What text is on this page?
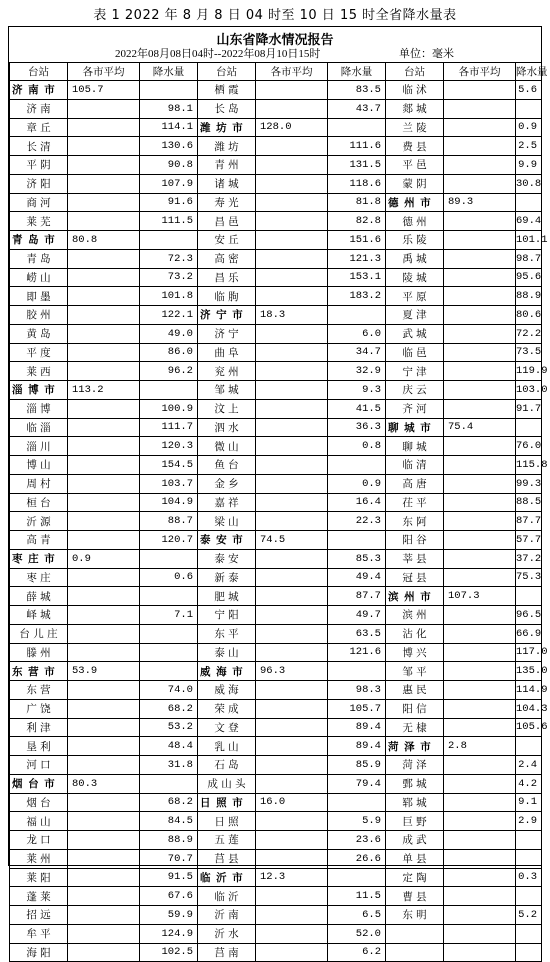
表 1 2022 年 8 月 8 日 04 时至 10 日 15 时全省降水量表
山东省降水情况报告
2022年08月08日04时--2022年08月10日15时	单位：毫米
台站	各市平均	降水量	台站	各市平均	降水量	台站	各市平均	降水量
济 南 市	105.7		栖 霞		83.5	临 沭		5.6
济 南		98.1	长 岛		43.7	郯 城		
章 丘		114.1	潍 坊 市	128.0		兰 陵		0.9
长 清		130.6	潍 坊		111.6	费 县		2.5
平 阴		90.8	青 州		131.5	平 邑		9.9
济 阳		107.9	诸 城		118.6	蒙 阴		30.8
商 河		91.6	寿 光		81.8	德 州 市	89.3	
莱 芜		111.5	昌 邑		82.8	德 州		69.4
青 岛 市	80.8		安 丘		151.6	乐 陵		101.1
青 岛		72.3	高 密		121.3	禹 城		98.7
崂 山		73.2	昌 乐		153.1	陵 城		95.6
即 墨		101.8	临 朐		183.2	平 原		88.9
胶 州		122.1	济 宁 市	18.3		夏 津		80.6
黄 岛		49.0	济 宁		6.0	武 城		72.2
平 度		86.0	曲 阜		34.7	临 邑		73.5
莱 西		96.2	兖 州		32.9	宁 津		119.9
淄 博 市	113.2		邹 城		9.3	庆 云		103.0
淄 博		100.9	汶 上		41.5	齐 河		91.7
临 淄		111.7	泗 水		36.3	聊 城 市	75.4	
淄 川		120.3	微 山		0.8	聊 城		76.0
博 山		154.5	鱼 台			临 清		115.8
周 村		103.7	金 乡		0.9	高 唐		99.3
桓 台		104.9	嘉 祥		16.4	茌 平		88.5
沂 源		88.7	梁 山		22.3	东 阿		87.7
高 青		120.7	泰 安 市	74.5		阳 谷		57.7
枣 庄 市	0.9		泰 安		85.3	莘 县		37.2
枣 庄		0.6	新 泰		49.4	冠 县		75.3
薛 城			肥 城		87.7	滨 州 市	107.3	
峄 城		7.1	宁 阳		49.7	滨 州		96.5
台 儿 庄			东 平		63.5	沾 化		66.9
滕 州			泰 山		121.6	博 兴		117.0
东 营 市	53.9		威 海 市	96.3		邹 平		135.0
东 营		74.0	威 海		98.3	惠 民		114.9
广 饶		68.2	荣 成		105.7	阳 信		104.3
利 津		53.2	文 登		89.4	无 棣		105.6
垦 利		48.4	乳 山		89.4	菏 泽 市	2.8	
河 口		31.8	石 岛		85.9	菏 泽		2.4
烟 台 市	80.3		成 山 头		79.4	鄄 城		4.2
烟 台		68.2	日 照 市	16.0		郓 城		9.1
福 山		84.5	日 照		5.9	巨 野		2.9
龙 口		88.9	五 莲		23.6	成 武		
莱 州		70.7	莒 县		26.6	单 县		
莱 阳		91.5	临 沂 市	12.3		定 陶		0.3
蓬 莱		67.6	临 沂		11.5	曹 县		
招 远		59.9	沂 南		6.5	东 明		5.2
牟 平		124.9	沂 水		52.0			
海 阳		102.5	莒 南		6.2			
